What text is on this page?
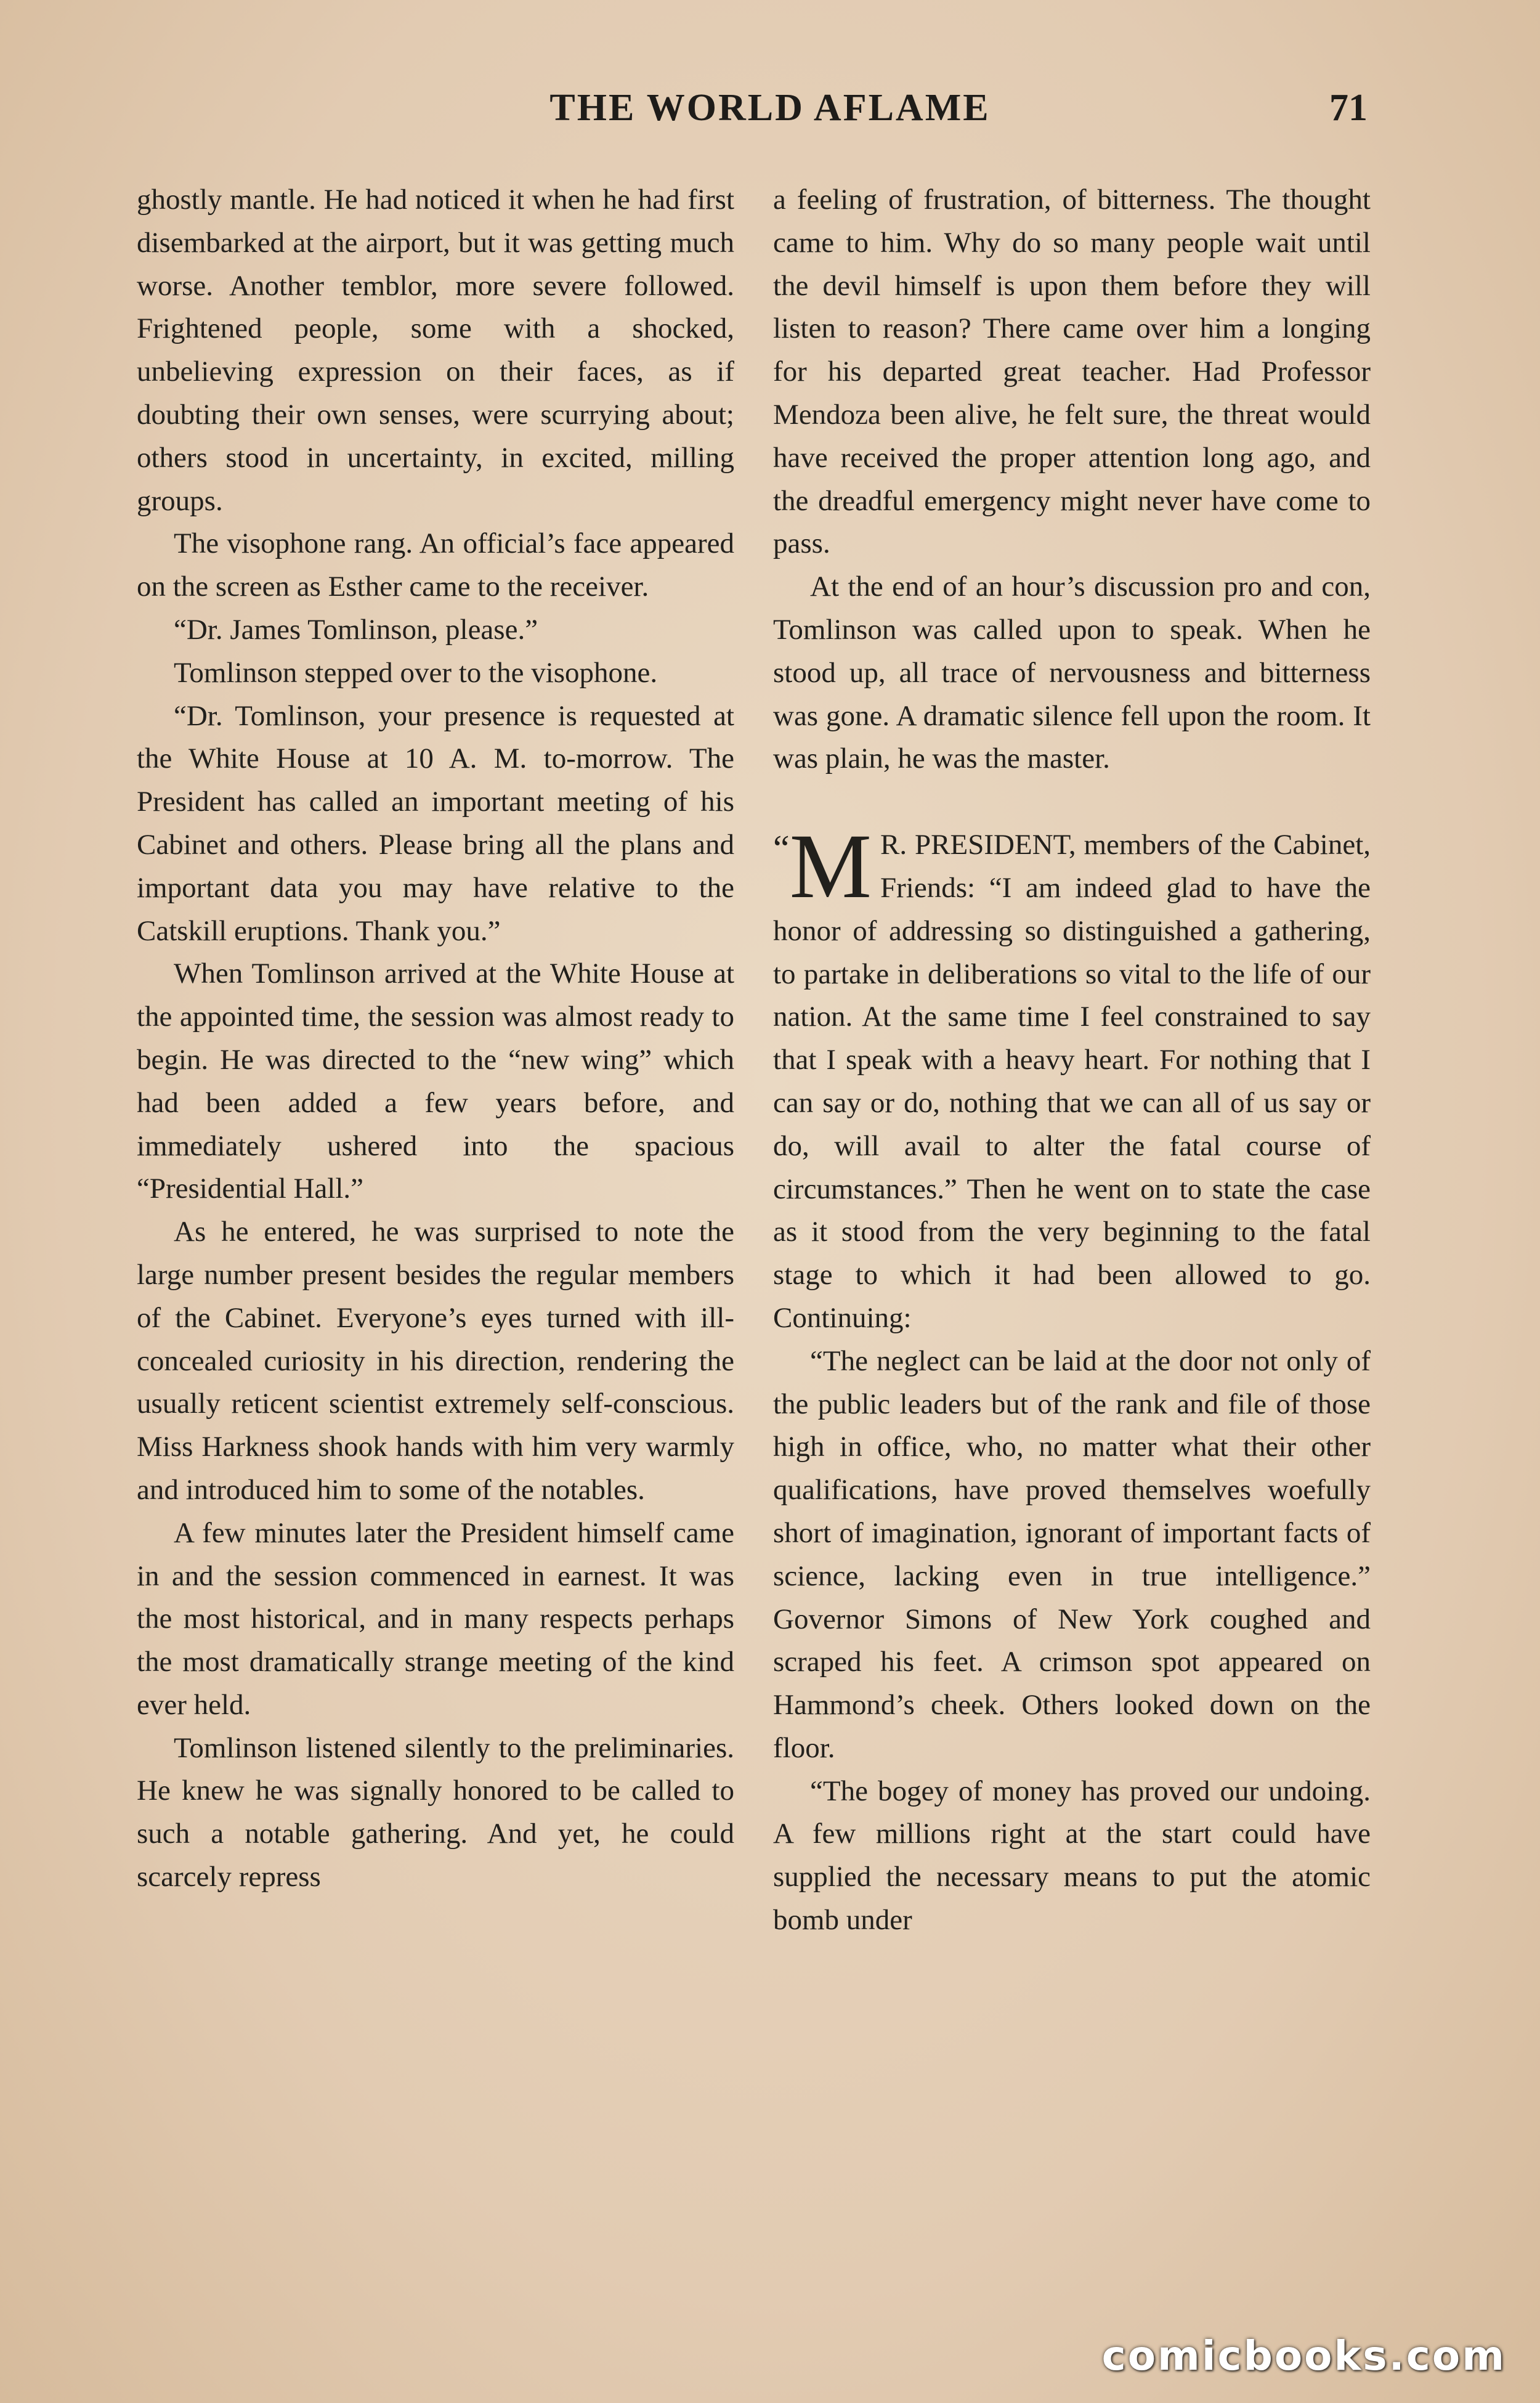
THE WORLD AFLAME	71

ghostly mantle. He had noticed it when he had first disembarked at the airport, but it was getting much worse. Another temblor, more severe followed. Frightened people, some with a shocked, unbelieving expression on their faces, as if doubting their own senses, were scurrying about; others stood in uncertainty, in excited, milling groups.

The visophone rang. An official’s face appeared on the screen as Esther came to the receiver.

“Dr. James Tomlinson, please.”

Tomlinson stepped over to the visophone.

“Dr. Tomlinson, your presence is requested at the White House at 10 A. M. to-morrow. The President has called an important meeting of his Cabinet and others. Please bring all the plans and important data you may have relative to the Catskill eruptions. Thank you.”

When Tomlinson arrived at the White House at the appointed time, the session was almost ready to begin. He was directed to the “new wing” which had been added a few years before, and immediately ushered into the spacious “Presidential Hall.”

As he entered, he was surprised to note the large number present besides the regular members of the Cabinet. Everyone’s eyes turned with ill-concealed curiosity in his direction, rendering the usually reticent scientist extremely self-conscious. Miss Harkness shook hands with him very warmly and introduced him to some of the notables.

A few minutes later the President himself came in and the session commenced in earnest. It was the most historical, and in many respects perhaps the most dramatically strange meeting of the kind ever held.

Tomlinson listened silently to the preliminaries. He knew he was signally honored to be called to such a notable gathering. And yet, he could scarcely repress

a feeling of frustration, of bitterness. The thought came to him. Why do so many people wait until the devil himself is upon them before they will listen to reason? There came over him a longing for his departed great teacher. Had Professor Mendoza been alive, he felt sure, the threat would have received the proper attention long ago, and the dreadful emergency might never have come to pass.

At the end of an hour’s discussion pro and con, Tomlinson was called upon to speak. When he stood up, all trace of nervousness and bitterness was gone. A dramatic silence fell upon the room. It was plain, he was the master.

“M R. PRESIDENT, members of the Cabinet, Friends: “I am indeed glad to have the honor of addressing so distinguished a gathering, to partake in deliberations so vital to the life of our nation. At the same time I feel constrained to say that I speak with a heavy heart. For nothing that I can say or do, nothing that we can all of us say or do, will avail to alter the fatal course of circumstances.” Then he went on to state the case as it stood from the very beginning to the fatal stage to which it had been allowed to go. Continuing:

“The neglect can be laid at the door not only of the public leaders but of the rank and file of those high in office, who, no matter what their other qualifications, have proved themselves woefully short of imagination, ignorant of important facts of science, lacking even in true intelligence.” Governor Simons of New York coughed and scraped his feet. A crimson spot appeared on Hammond’s cheek. Others looked down on the floor.

“The bogey of money has proved our undoing. A few millions right at the start could have supplied the necessary means to put the atomic bomb under

comicbooks.com
